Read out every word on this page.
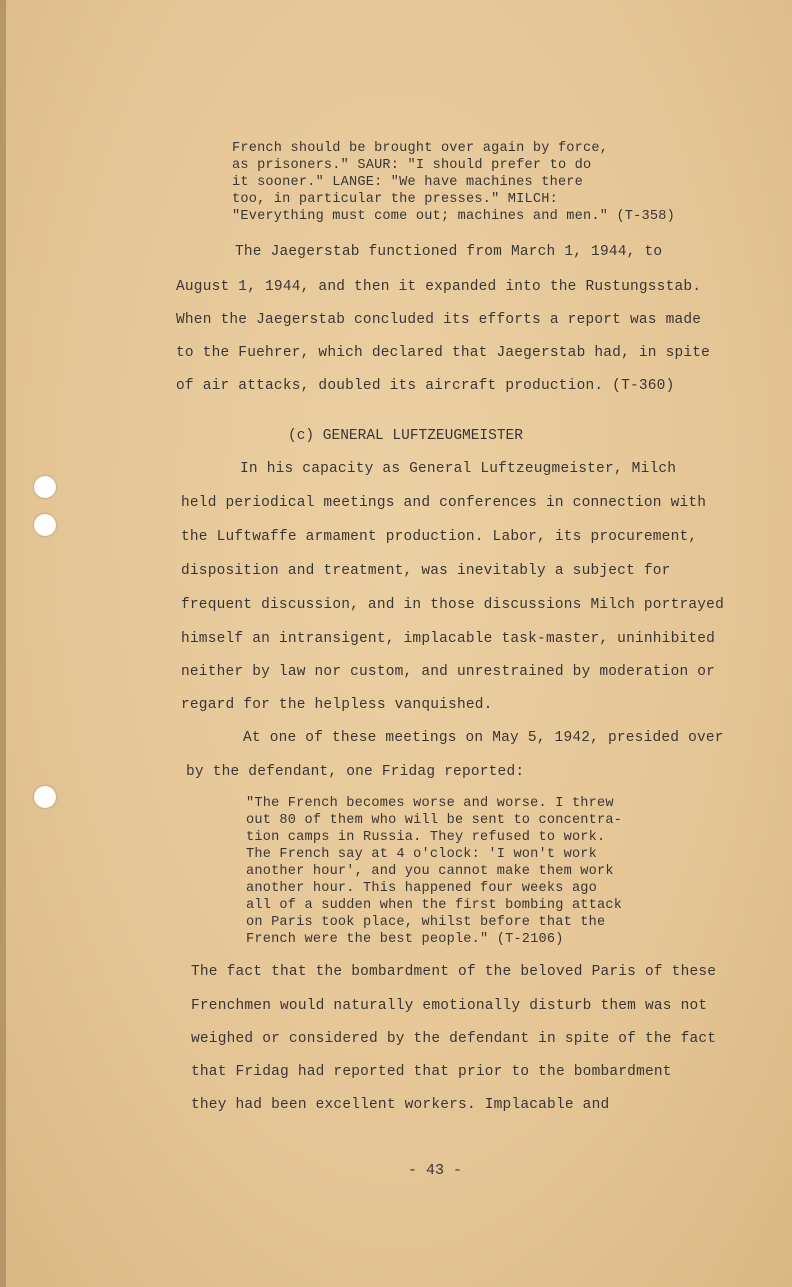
French should be brought over again by force,

as prisoners." SAUR: "I should prefer to do

it sooner." LANGE: "We have machines there

too, in particular the presses." MILCH:

"Everything must come out; machines and men." (T-358)

The Jaegerstab functioned from March 1, 1944, to

August 1, 1944, and then it expanded into the Rustungsstab.

When the Jaegerstab concluded its efforts a report was made

to the Fuehrer, which declared that Jaegerstab had, in spite

of air attacks, doubled its aircraft production. (T-360)

(c) GENERAL LUFTZEUGMEISTER

In his capacity as General Luftzeugmeister, Milch

held periodical meetings and conferences in connection with

the Luftwaffe armament production. Labor, its procurement,

disposition and treatment, was inevitably a subject for

frequent discussion, and in those discussions Milch portrayed

himself an intransigent, implacable task-master, uninhibited

neither by law nor custom, and unrestrained by moderation or

regard for the helpless vanquished.

At one of these meetings on May 5, 1942, presided over

by the defendant, one Fridag reported:

"The French becomes worse and worse. I threw

out 80 of them who will be sent to concentra-

tion camps in Russia. They refused to work.

The French say at 4 o'clock: 'I won't work

another hour', and you cannot make them work

another hour. This happened four weeks ago

all of a sudden when the first bombing attack

on Paris took place, whilst before that the

French were the best people." (T-2106)

The fact that the bombardment of the beloved Paris of these

Frenchmen would naturally emotionally disturb them was not

weighed or considered by the defendant in spite of the fact

that Fridag had reported that prior to the bombardment

they had been excellent workers. Implacable and

- 43 -
